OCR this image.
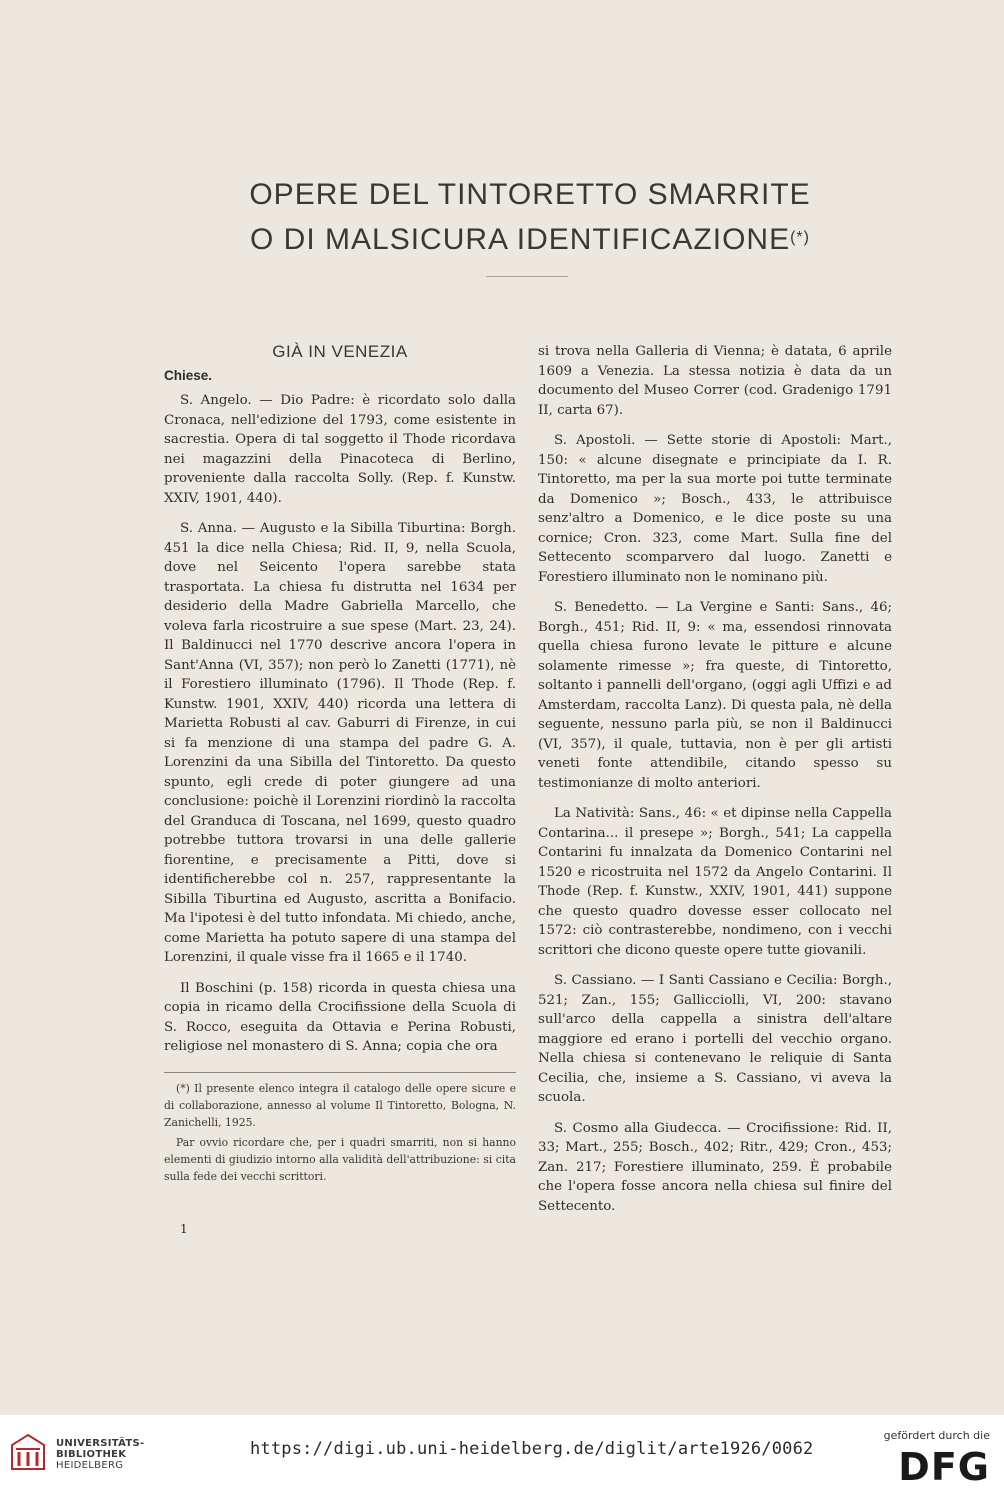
OPERE DEL TINTORETTO SMARRITE
O DI MALSICURA IDENTIFICAZIONE(*)
GIÀ IN VENEZIA
Chiese.

S. Angelo. — Dio Padre: è ricordato solo dalla Cronaca, nell'edizione del 1793, come esistente in sacrestia. Opera di tal soggetto il Thode ricordava nei magazzini della Pinacoteca di Berlino, proveniente dalla raccolta Solly. (Rep. f. Kunstw. XXIV, 1901, 440).

S. Anna. — Augusto e la Sibilla Tiburtina: Borgh. 451 la dice nella Chiesa; Rid. II, 9, nella Scuola, dove nel Seicento l'opera sarebbe stata trasportata. La chiesa fu distrutta nel 1634 per desiderio della Madre Gabriella Marcello, che voleva farla ricostruire a sue spese (Mart. 23, 24). Il Baldinucci nel 1770 descrive ancora l'opera in Sant'Anna (VI, 357); non però lo Zanetti (1771), nè il Forestiero illuminato (1796). Il Thode (Rep. f. Kunstw. 1901, XXIV, 440) ricorda una lettera di Marietta Robusti al cav. Gaburri di Firenze, in cui si fa menzione di una stampa del padre G. A. Lorenzini da una Sibilla del Tintoretto. Da questo spunto, egli crede di poter giungere ad una conclusione: poichè il Lorenzini riordinò la raccolta del Granduca di Toscana, nel 1699, questo quadro potrebbe tuttora trovarsi in una delle gallerie fiorentine, e precisamente a Pitti, dove si identificherebbe col n. 257, rappresentante la Sibilla Tiburtina ed Augusto, ascritta a Bonifacio. Ma l'ipotesi è del tutto infondata. Mi chiedo, anche, come Marietta ha potuto sapere di una stampa del Lorenzini, il quale visse fra il 1665 e il 1740.

Il Boschini (p. 158) ricorda in questa chiesa una copia in ricamo della Crocifissione della Scuola di S. Rocco, eseguita da Ottavia e Perina Robusti, religiose nel monastero di S. Anna; copia che ora

(*) Il presente elenco integra il catalogo delle opere sicure e di collaborazione, annesso al volume Il Tintoretto, Bologna, N. Zanichelli, 1925.

Par ovvio ricordare che, per i quadri smarriti, non si hanno elementi di giudizio intorno alla validità dell'attribuzione: si cita sulla fede dei vecchi scrittori.

1

si trova nella Galleria di Vienna; è datata, 6 aprile 1609 a Venezia. La stessa notizia è data da un documento del Museo Correr (cod. Gradenigo 1791 II, carta 67).

S. Apostoli. — Sette storie di Apostoli: Mart., 150: « alcune disegnate e principiate da I. R. Tintoretto, ma per la sua morte poi tutte terminate da Domenico »; Bosch., 433, le attribuisce senz'altro a Domenico, e le dice poste su una cornice; Cron. 323, come Mart. Sulla fine del Settecento scomparvero dal luogo. Zanetti e Forestiero illuminato non le nominano più.

S. Benedetto. — La Vergine e Santi: Sans., 46; Borgh., 451; Rid. II, 9: « ma, essendosi rinnovata quella chiesa furono levate le pitture e alcune solamente rimesse »; fra queste, di Tintoretto, soltanto i pannelli dell'organo, (oggi agli Uffizi e ad Amsterdam, raccolta Lanz). Di questa pala, nè della seguente, nessuno parla più, se non il Baldinucci (VI, 357), il quale, tuttavia, non è per gli artisti veneti fonte attendibile, citando spesso su testimonianze di molto anteriori.

La Natività: Sans., 46: « et dipinse nella Cappella Contarina... il presepe »; Borgh., 541; La cappella Contarini fu innalzata da Domenico Contarini nel 1520 e ricostruita nel 1572 da Angelo Contarini. Il Thode (Rep. f. Kunstw., XXIV, 1901, 441) suppone che questo quadro dovesse esser collocato nel 1572: ciò contrasterebbe, nondimeno, con i vecchi scrittori che dicono queste opere tutte giovanili.

S. Cassiano. — I Santi Cassiano e Cecilia: Borgh., 521; Zan., 155; Gallicciolli, VI, 200: stavano sull'arco della cappella a sinistra dell'altare maggiore ed erano i portelli del vecchio organo. Nella chiesa si contenevano le reliquie di Santa Cecilia, che, insieme a S. Cassiano, vi aveva la scuola.

S. Cosmo alla Giudecca. — Crocifissione: Rid. II, 33; Mart., 255; Bosch., 402; Ritr., 429; Cron., 453; Zan. 217; Forestiere illuminato, 259. È probabile che l'opera fosse ancora nella chiesa sul finire del Settecento.

UNIVERSITÄTS-
BIBLIOTHEK
HEIDELBERG
https://digi.ub.uni-heidelberg.de/diglit/arte1926/0062
gefördert durch die
DFG
